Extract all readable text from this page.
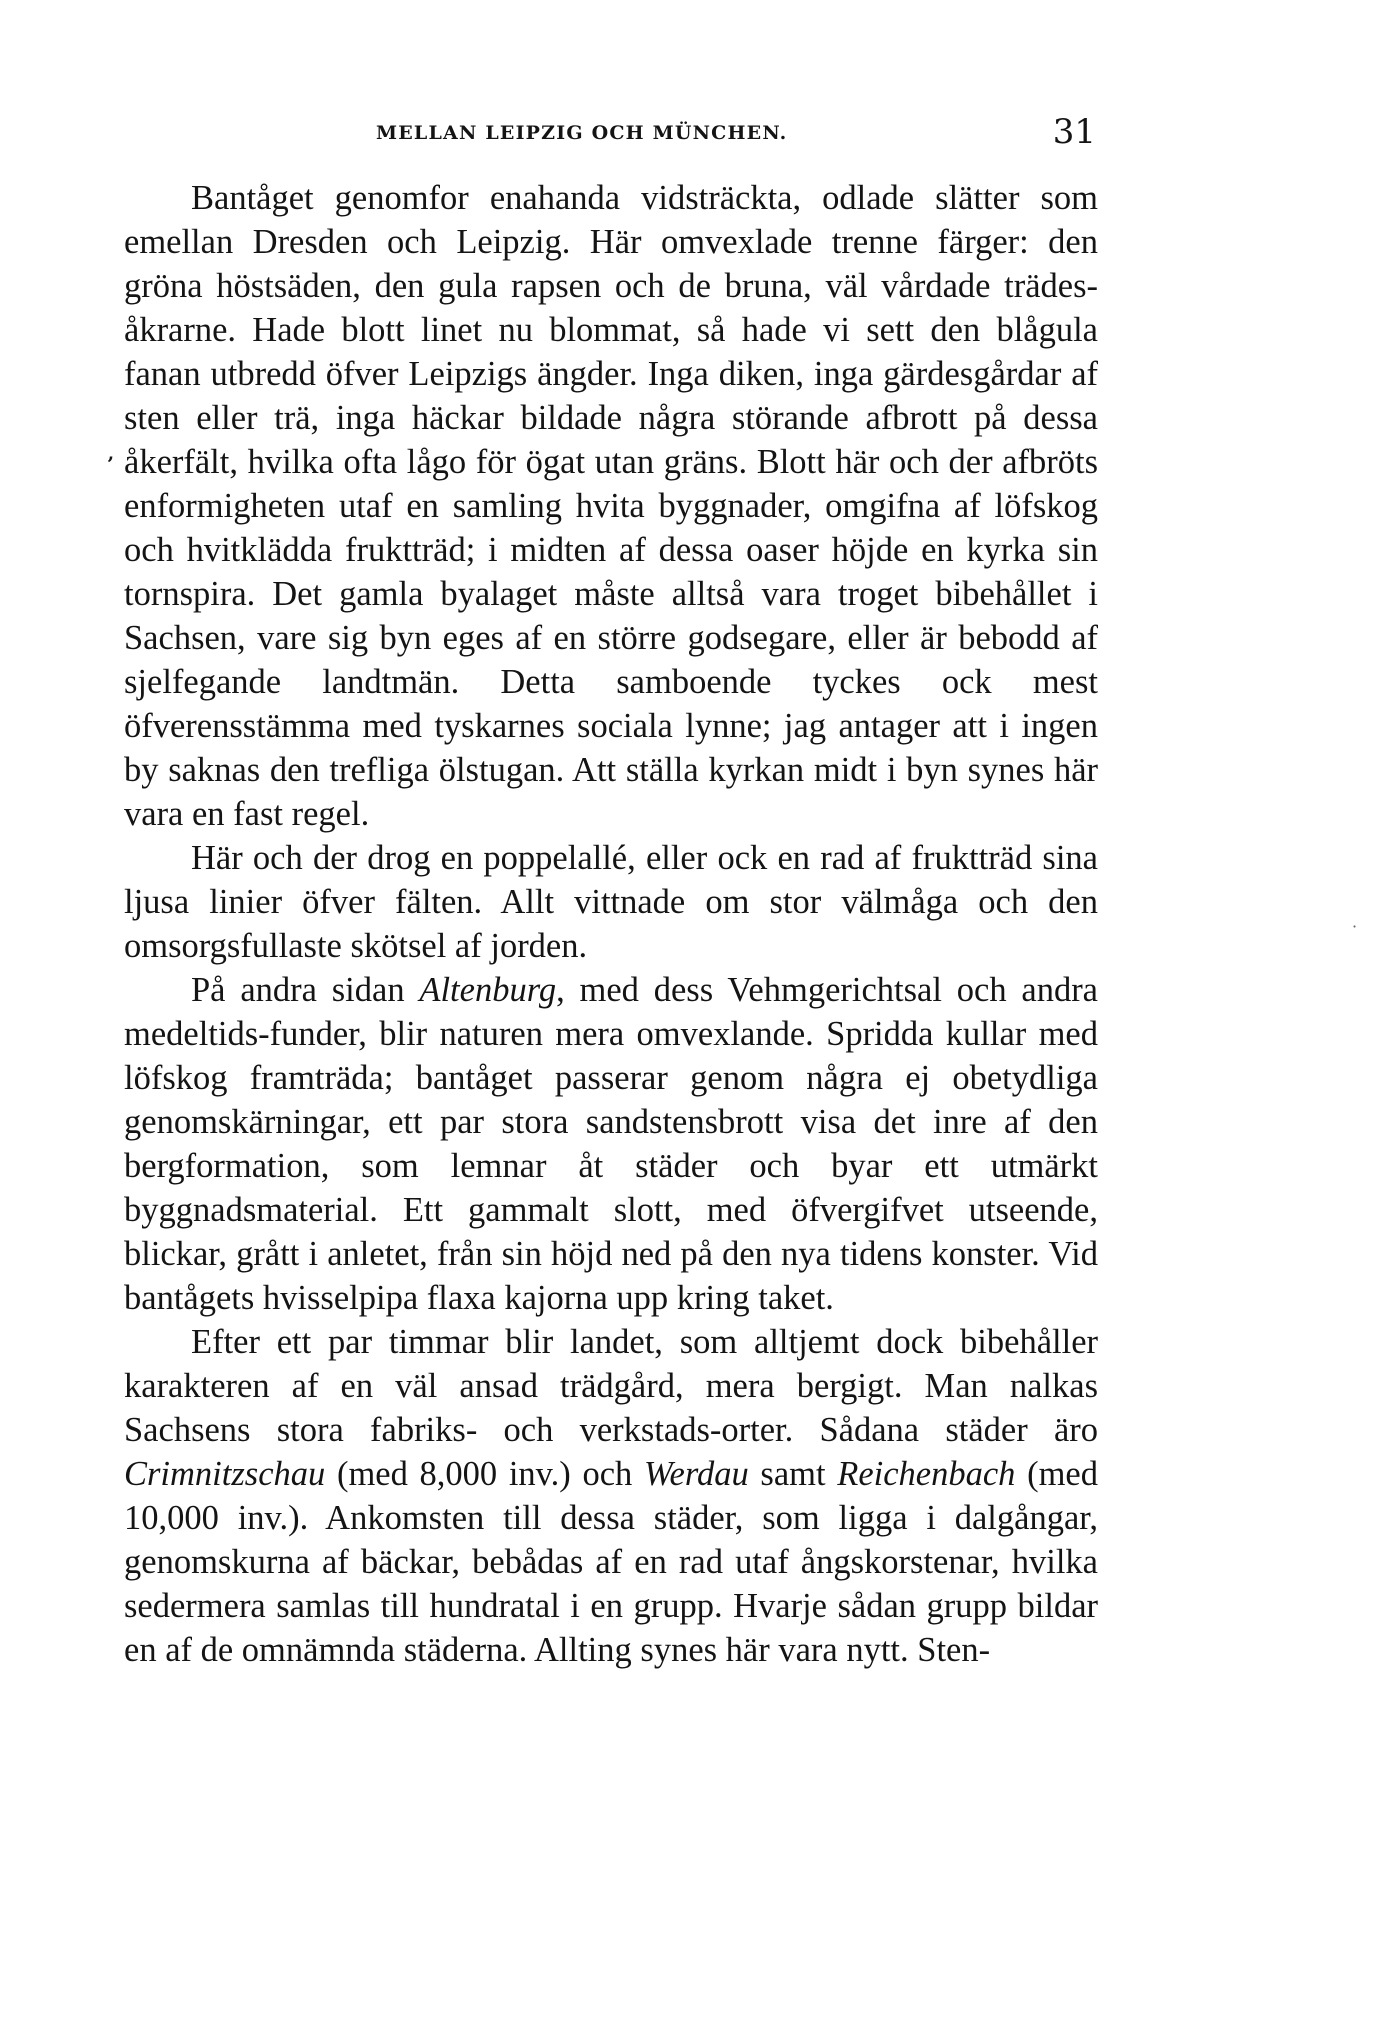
MELLAN LEIPZIG OCH MÜNCHEN.	31
’
·

Bantåget genomfor enahanda vidsträckta, odlade slätter som emellan Dresden och Leipzig. Här omvexlade trenne färger: den gröna höstsäden, den gula rapsen och de bruna, väl vårdade trädes-åkrarne. Hade blott linet nu blommat, så hade vi sett den blågula fanan utbredd öfver Leipzigs ängder. Inga diken, inga gärdesgårdar af sten eller trä, inga häckar bildade några störande afbrott på dessa åkerfält, hvilka ofta lågo för ögat utan gräns. Blott här och der afbröts enformigheten utaf en samling hvita byggnader, omgifna af löfskog och hvitklädda fruktträd; i midten af dessa oaser höjde en kyrka sin tornspira. Det gamla byalaget måste alltså vara troget bibehållet i Sachsen, vare sig byn eges af en större godsegare, eller är bebodd af sjelfegande landtmän. Detta samboende tyckes ock mest öfverensstämma med tyskarnes sociala lynne; jag antager att i ingen by saknas den trefliga ölstugan. Att ställa kyrkan midt i byn synes här vara en fast regel.

Här och der drog en poppelallé, eller ock en rad af fruktträd sina ljusa linier öfver fälten. Allt vittnade om stor välmåga och den omsorgsfullaste skötsel af jorden.

På andra sidan Altenburg, med dess Vehmgerichtsal och andra medeltids-funder, blir naturen mera omvexlande. Spridda kullar med löfskog framträda; bantåget passerar genom några ej obetydliga genomskärningar, ett par stora sandstensbrott visa det inre af den bergformation, som lemnar åt städer och byar ett utmärkt byggnadsmaterial. Ett gammalt slott, med öfvergifvet utseende, blickar, grått i anletet, från sin höjd ned på den nya tidens konster. Vid bantågets hvisselpipa flaxa kajorna upp kring taket.

Efter ett par timmar blir landet, som alltjemt dock bibehåller karakteren af en väl ansad trädgård, mera bergigt. Man nalkas Sachsens stora fabriks- och verkstads-orter. Sådana städer äro Crimnitzschau (med 8,000 inv.) och Werdau samt Reichenbach (med 10,000 inv.). Ankomsten till dessa städer, som ligga i dalgångar, genomskurna af bäckar, bebådas af en rad utaf ångskorstenar, hvilka sedermera samlas till hundratal i en grupp. Hvarje sådan grupp bildar en af de omnämnda städerna. Allting synes här vara nytt. Sten-
